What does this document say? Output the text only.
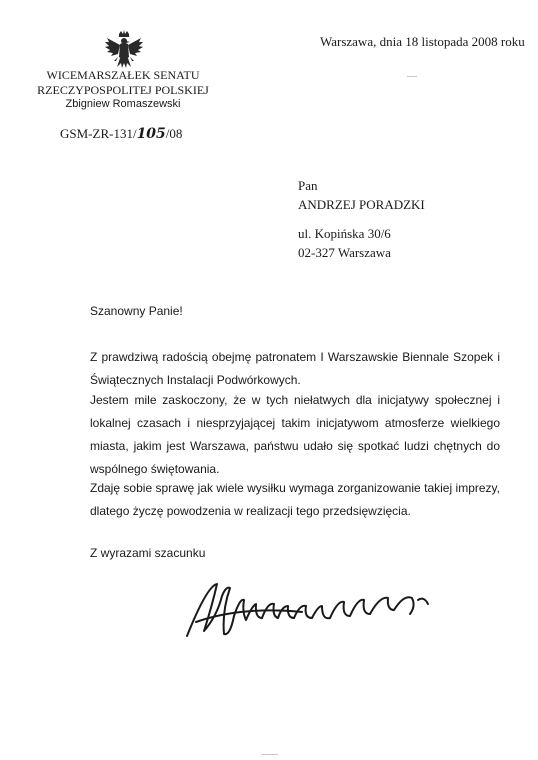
Warszawa, dnia 18 listopada 2008 roku
WICEMARSZAŁEK SENATU
RZECZYPOSPOLITEJ POLSKIEJ
Zbigniew Romaszewski
GSM-ZR-131/105/08
Pan
ANDRZEJ PORADZKI
ul. Kopińska 30/6
02-327 Warszawa
Szanowny Panie!
Z prawdziwą radością obejmę patronatem I Warszawskie Biennale Szopek i Świątecznych Instalacji Podwórkowych.
Jestem mile zaskoczony, że w tych niełatwych dla inicjatywy społecznej i lokalnej czasach i niesprzyjającej takim inicjatywom atmosferze wielkiego miasta, jakim jest Warszawa, państwu udało się spotkać ludzi chętnych do wspólnego świętowania.
Zdaję sobie sprawę jak wiele wysiłku wymaga zorganizowanie takiej imprezy, dlatego życzę powodzenia w realizacji tego przedsięwzięcia.
Z wyrazami szacunku
